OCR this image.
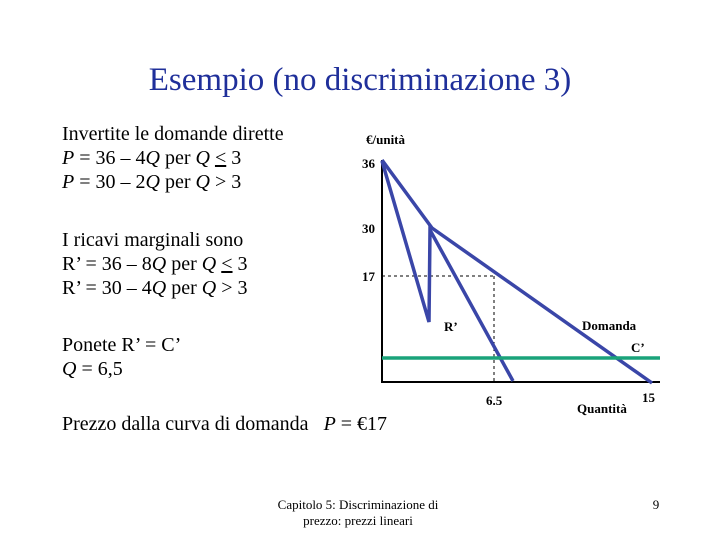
Esempio (no discriminazione 3)
Invertite le domande dirette
P = 36 – 4Q per Q < 3
P = 30 – 2Q per Q > 3
I ricavi marginali sono
R’ = 36 – 8Q per Q < 3
R’ = 30 – 4Q per Q > 3
Ponete R’ = C’
Q = 6,5
Prezzo dalla curva di domanda   P = €17
€/unità
36
30
17
R’	Domanda
C’
6.5
Quantità
15
Capitolo 5: Discriminazione di
prezzo: prezzi lineari
9
